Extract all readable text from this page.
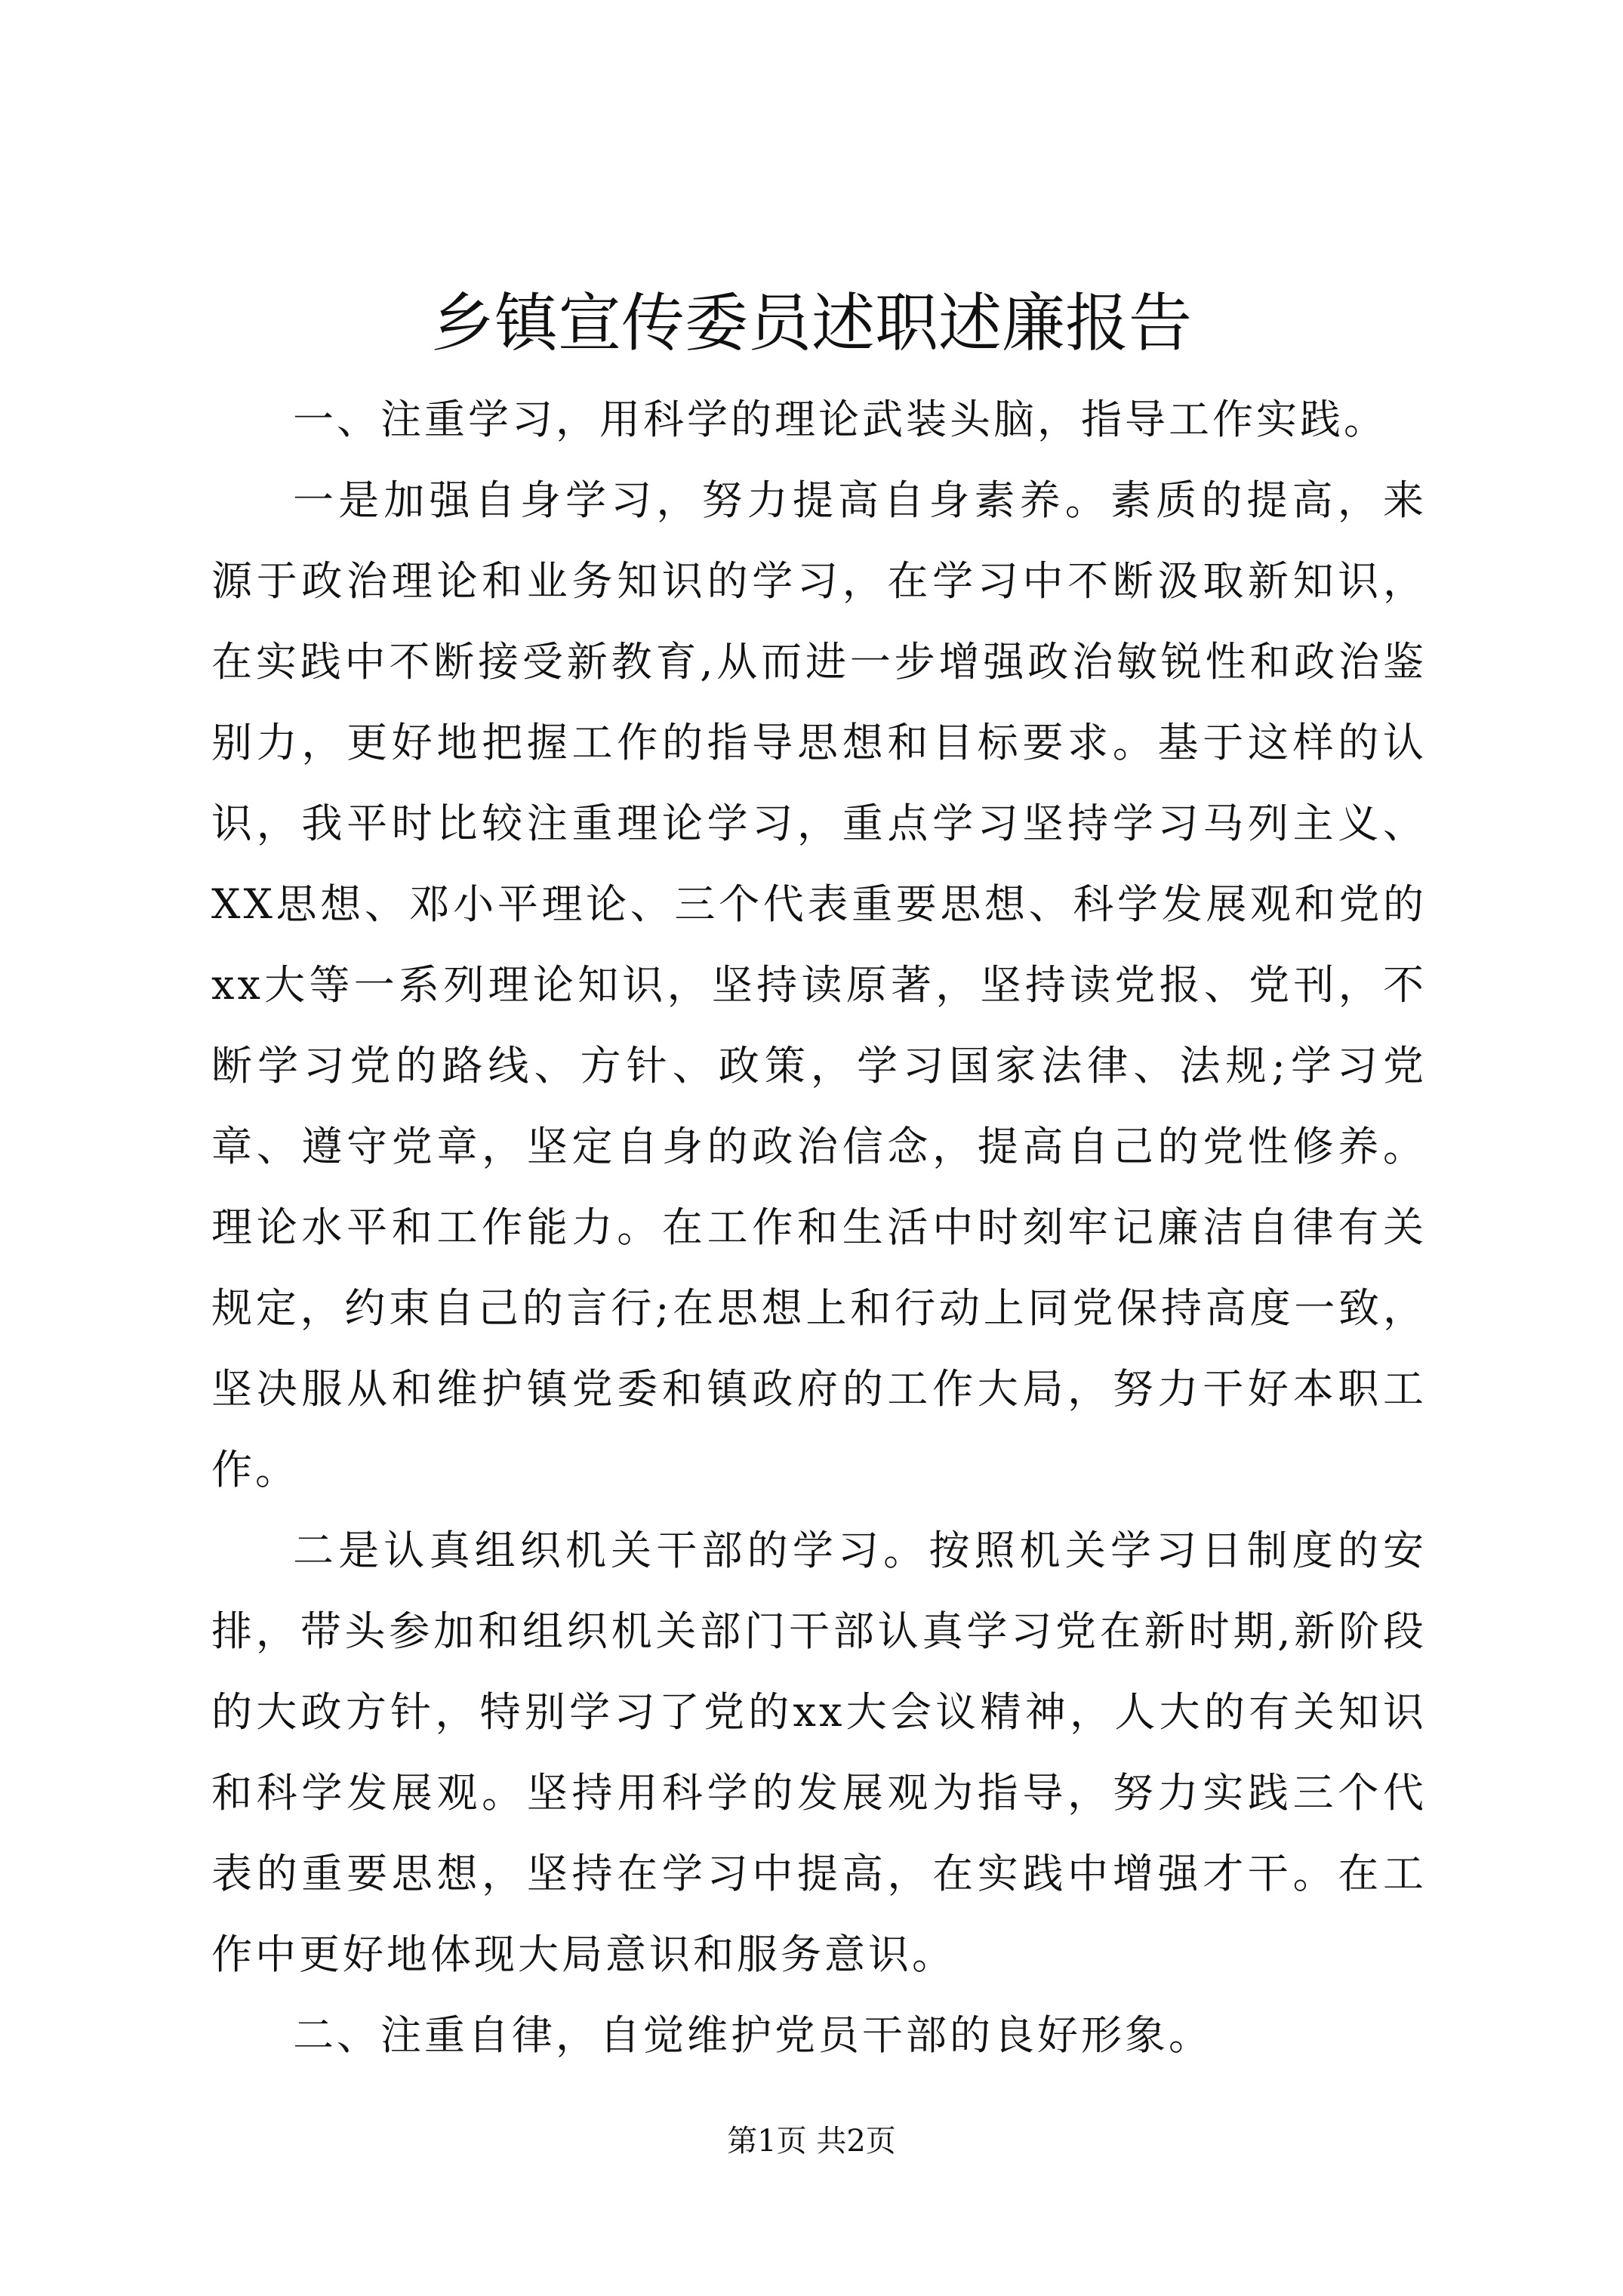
乡镇宣传委员述职述廉报告

一、注重学习，用科学的理论武装头脑，指导工作实践。

一是加强自身学习，努力提高自身素养。素质的提高，来源于政治理论和业务知识的学习，在学习中不断汲取新知识，在实践中不断接受新教育,从而进一步增强政治敏锐性和政治鉴别力，更好地把握工作的指导思想和目标要求。基于这样的认识，我平时比较注重理论学习，重点学习坚持学习马列主义、XX思想、邓小平理论、三个代表重要思想、科学发展观和党的xx大等一系列理论知识，坚持读原著，坚持读党报、党刊，不断学习党的路线、方针、政策，学习国家法律、法规;学习党章、遵守党章，坚定自身的政治信念，提高自己的党性修养。理论水平和工作能力。在工作和生活中时刻牢记廉洁自律有关规定，约束自己的言行;在思想上和行动上同党保持高度一致，坚决服从和维护镇党委和镇政府的工作大局，努力干好本职工作。

二是认真组织机关干部的学习。按照机关学习日制度的安排，带头参加和组织机关部门干部认真学习党在新时期,新阶段的大政方针，特别学习了党的xx大会议精神，人大的有关知识和科学发展观。坚持用科学的发展观为指导，努力实践三个代表的重要思想，坚持在学习中提高，在实践中增强才干。在工作中更好地体现大局意识和服务意识。

二、注重自律，自觉维护党员干部的良好形象。

第1页 共2页
